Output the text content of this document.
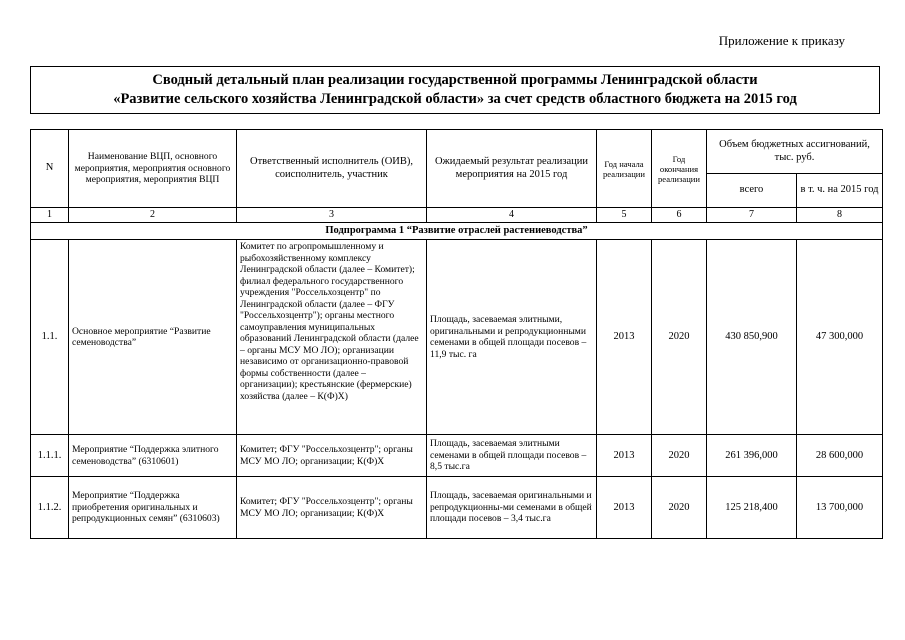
Приложение к приказу
Сводный детальный план реализации государственной программы Ленинградской области
«Развитие сельского хозяйства Ленинградской области» за счет средств областного бюджета на 2015 год
N	Наименование ВЦП, основного мероприятия, мероприятия основного мероприятия, мероприятия ВЦП	Ответственный исполнитель (ОИВ), соисполнитель, участник	Ожидаемый результат реализации мероприятия на 2015 год	Год начала реализации	Год окончания реализации	Объем бюджетных ассигнований, тыс. руб.	
						всего	в т. ч. на 2015 год
1	2	3	4	5	6	7	8
Подпрограмма 1 “Развитие отраслей растениеводства”							
1.1.	Основное мероприятие “Развитие семеноводства”	Комитет по агропромышленному и рыбохозяйственному комплексу Ленинградской области (далее – Комитет); филиал федерального государственного учреждения "Россельхозцентр" по Ленинградской области (далее – ФГУ "Россельхозцентр"); органы местного самоуправления муниципальных образований Ленинградской области (далее – органы МСУ МО ЛО); организации независимо от организационно-правовой формы собственности (далее – организации); крестьянские (фермерские) хозяйства (далее – К(Ф)Х)	Площадь, засеваемая элитными, оригинальными и репродукционными семенами в общей площади посевов – 11,9 тыс. га	2013	2020	430 850,900	47 300,000
1.1.1.	Мероприятие “Поддержка элитного семеноводства” (6310601)	Комитет; ФГУ "Россельхозцентр"; органы МСУ МО ЛО; организации; К(Ф)Х	Площадь, засеваемая элитными семенами в общей площади посевов – 8,5 тыс.га	2013	2020	261 396,000	28 600,000
1.1.2.	Мероприятие “Поддержка приобретения оригинальных и репродукционных семян” (6310603)	Комитет; ФГУ "Россельхозцентр"; органы МСУ МО ЛО; организации; К(Ф)Х	Площадь, засеваемая оригинальными и репродукционны-ми семенами в общей площади посевов – 3,4 тыс.га	2013	2020	125 218,400	13 700,000
